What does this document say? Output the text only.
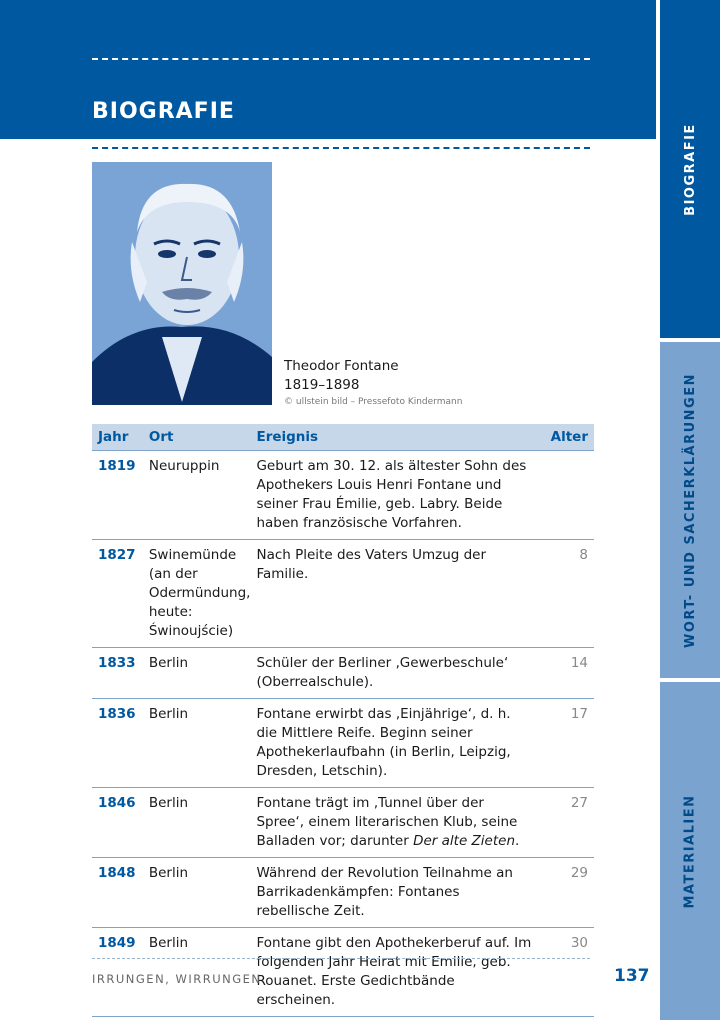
BIOGRAFIE
BIOGRAFIE
WORT- UND SACHERKLÄRUNGEN
MATERIALIEN
Theodor Fontane
1819–1898
© ullstein bild – Pressefoto Kindermann
Jahr	Ort	Ereignis	Alter
1819	Neuruppin	Geburt am 30. 12. als ältester Sohn des Apothekers Louis Henri Fontane und seiner Frau Émilie, geb. Labry. Beide haben französische Vorfahren.	
1827	Swinemünde (an der Odermündung, heute: Świnoujście)	Nach Pleite des Vaters Umzug der Familie.	8
1833	Berlin	Schüler der Berliner ‚Gewerbeschule‘ (Oberrealschule).	14
1836	Berlin	Fontane erwirbt das ‚Einjährige‘, d. h. die Mittlere Reife. Beginn seiner Apothekerlaufbahn (in Berlin, Leipzig, Dresden, Letschin).	17
1846	Berlin	Fontane trägt im ‚Tunnel über der Spree‘, einem literarischen Klub, seine Balladen vor; darunter Der alte Zieten.	27
1848	Berlin	Während der Revolution Teilnahme an Barrikadenkämpfen: Fontanes rebellische Zeit.	29
1849	Berlin	Fontane gibt den Apothekerberuf auf. Im folgenden Jahr Heirat mit Emilie, geb. Rouanet. Erste Gedichtbände erscheinen.	30
IRRUNGEN, WIRRUNGEN	137
